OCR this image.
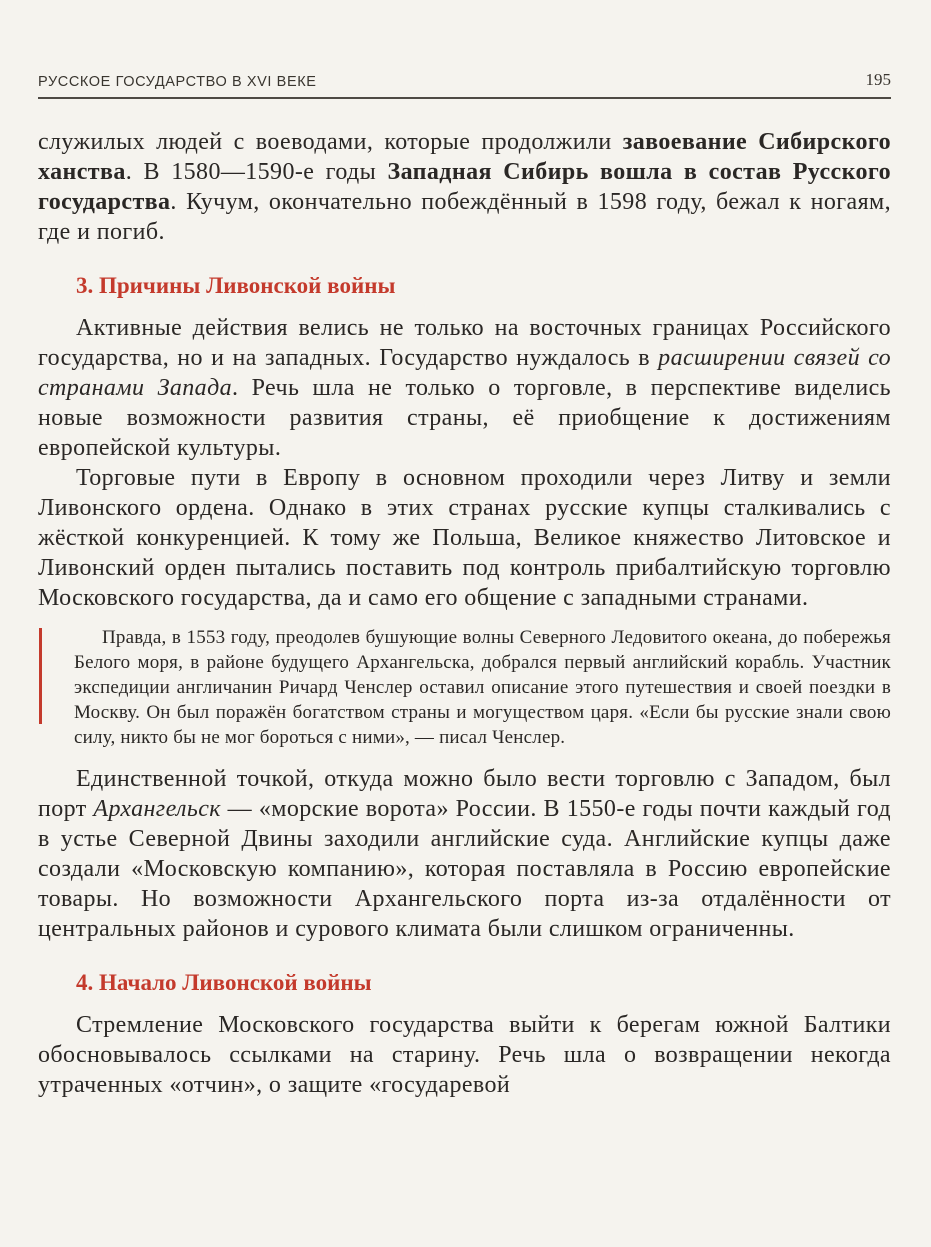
РУССКОЕ ГОСУДАРСТВО В XVI ВЕКЕ	195

служилых людей с воеводами, которые продолжили завоевание Сибирского ханства. В 1580—1590-е годы Западная Сибирь вошла в состав Русского государства. Кучум, окончательно побеждённый в 1598 году, бежал к ногаям, где и погиб.

3. Причины Ливонской войны

Активные действия велись не только на восточных границах Российского государства, но и на западных. Государство нуждалось в расширении связей со странами Запада. Речь шла не только о торговле, в перспективе виделись новые возможности развития страны, её приобщение к достижениям европейской культуры.

Торговые пути в Европу в основном проходили через Литву и земли Ливонского ордена. Однако в этих странах русские купцы сталкивались с жёсткой конкуренцией. К тому же Польша, Великое княжество Литовское и Ливонский орден пытались поставить под контроль прибалтийскую торговлю Московского государства, да и само его общение с западными странами.

Правда, в 1553 году, преодолев бушующие волны Северного Ледовитого океана, до побережья Белого моря, в районе будущего Архангельска, добрался первый английский корабль. Участник экспедиции англичанин Ричард Ченслер оставил описание этого путешествия и своей поездки в Москву. Он был поражён богатством страны и могуществом царя. «Если бы русские знали свою силу, никто бы не мог бороться с ними», — писал Ченслер.

Единственной точкой, откуда можно было вести торговлю с Западом, был порт Архангельск — «морские ворота» России. В 1550-е годы почти каждый год в устье Северной Двины заходили английские суда. Английские купцы даже создали «Московскую компанию», которая поставляла в Россию европейские товары. Но возможности Архангельского порта из-за отдалённости от центральных районов и сурового климата были слишком ограниченны.

4. Начало Ливонской войны

Стремление Московского государства выйти к берегам южной Балтики обосновывалось ссылками на старину. Речь шла о возвращении некогда утраченных «отчин», о защите «государевой
